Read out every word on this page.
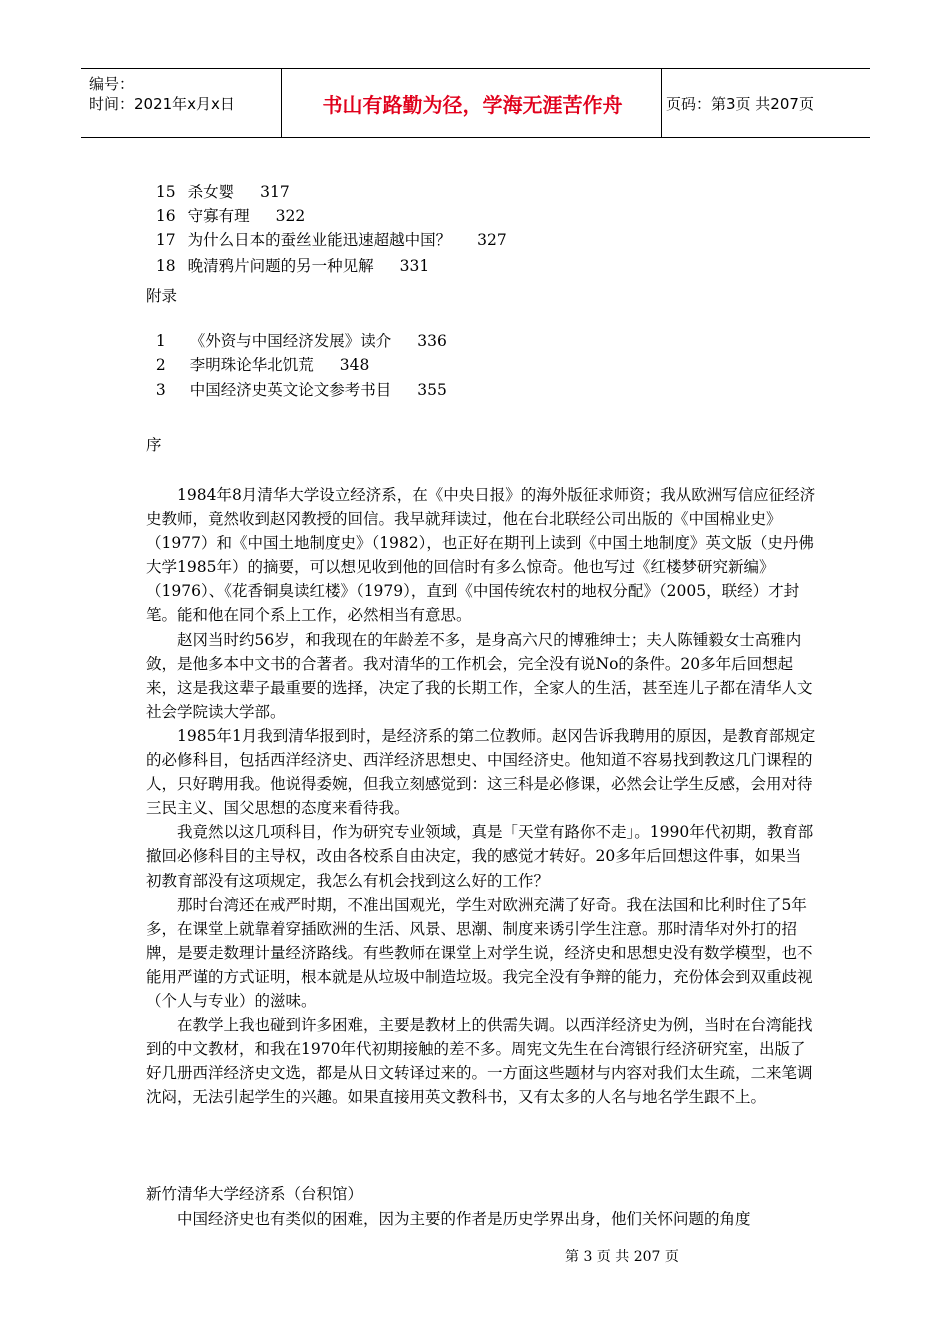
编号：
时间：2021年x月x日	书山有路勤为径，学海无涯苦作舟	页码：第3页 共207页

15 杀女婴 317

16 守寡有理 322

17 为什么日本的蚕丝业能迅速超越中国？ 327

18 晚清鸦片问题的另一种见解 331

附录

1 《外资与中国经济发展》读介 336

2 李明珠论华北饥荒 348

3 中国经济史英文论文参考书目 355

序

1984年8月清华大学设立经济系，在《中央日报》的海外版征求师资；我从欧洲写信应征经济史教师，竟然收到赵冈教授的回信。我早就拜读过，他在台北联经公司出版的《中国棉业史》（1977）和《中国土地制度史》（1982），也正好在期刊上读到《中国土地制度》英文版（史丹佛大学1985年）的摘要，可以想见收到他的回信时有多么惊奇。他也写过《红楼梦研究新编》（1976）、《花香铜臭读红楼》（1979），直到《中国传统农村的地权分配》（2005，联经）才封笔。能和他在同个系上工作，必然相当有意思。

赵冈当时约56岁，和我现在的年龄差不多，是身高六尺的博雅绅士；夫人陈锺毅女士高雅内敛，是他多本中文书的合著者。我对清华的工作机会，完全没有说No的条件。20多年后回想起来，这是我这辈子最重要的选择，决定了我的长期工作，全家人的生活，甚至连儿子都在清华人文社会学院读大学部。

1985年1月我到清华报到时，是经济系的第二位教师。赵冈告诉我聘用的原因，是教育部规定的必修科目，包括西洋经济史、西洋经济思想史、中国经济史。他知道不容易找到教这几门课程的人，只好聘用我。他说得委婉，但我立刻感觉到：这三科是必修课，必然会让学生反感，会用对待三民主义、国父思想的态度来看待我。

我竟然以这几项科目，作为研究专业领域，真是「天堂有路你不走」。1990年代初期，教育部撤回必修科目的主导权，改由各校系自由决定，我的感觉才转好。20多年后回想这件事，如果当初教育部没有这项规定，我怎么有机会找到这么好的工作？

那时台湾还在戒严时期，不准出国观光，学生对欧洲充满了好奇。我在法国和比利时住了5年多，在课堂上就靠着穿插欧洲的生活、风景、思潮、制度来诱引学生注意。那时清华对外打的招牌，是要走数理计量经济路线。有些教师在课堂上对学生说，经济史和思想史没有数学模型，也不能用严谨的方式证明，根本就是从垃圾中制造垃圾。我完全没有争辩的能力，充份体会到双重歧视（个人与专业）的滋味。

在教学上我也碰到许多困难，主要是教材上的供需失调。以西洋经济史为例，当时在台湾能找到的中文教材，和我在1970年代初期接触的差不多。周宪文先生在台湾银行经济研究室，出版了好几册西洋经济史文选，都是从日文转译过来的。一方面这些题材与内容对我们太生疏，二来笔调沈闷，无法引起学生的兴趣。如果直接用英文教科书，又有太多的人名与地名学生跟不上。

新竹清华大学经济系（台积馆）
中国经济史也有类似的困难，因为主要的作者是历史学界出身，他们关怀问题的角度
第 3 页 共 207 页
